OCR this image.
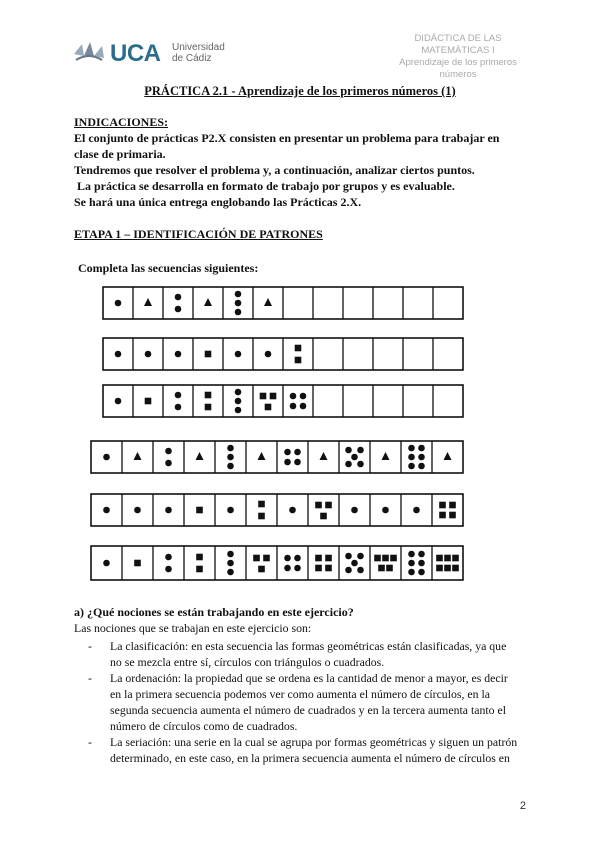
UCA Universidad
de Cádiz
DIDÁCTICA DE LAS MATEMÁTICAS I
Aprendizaje de los primeros
números
PRÁCTICA 2.1 - Aprendizaje de los primeros números (1)
INDICACIONES:
El conjunto de prácticas P2.X consisten en presentar un problema para trabajar en
clase de primaria.
Tendremos que resolver el problema y, a continuación, analizar ciertos puntos.
La práctica se desarrolla en formato de trabajo por grupos y es evaluable.
Se hará una única entrega englobando las Prácticas 2.X.
ETAPA 1 – IDENTIFICACIÓN DE PATRONES
Completa las secuencias siguientes:
a) ¿Qué nociones se están trabajando en este ejercicio?
Las nociones que se trabajan en este ejercicio son:
- La clasificación: en esta secuencia las formas geométricas están clasificadas, ya que
no se mezcla entre sí, círculos con triángulos o cuadrados.
- La ordenación: la propiedad que se ordena es la cantidad de menor a mayor, es decir
en la primera secuencia podemos ver como aumenta el número de círculos, en la
segunda secuencia aumenta el número de cuadrados y en la tercera aumenta tanto el
número de círculos como de cuadrados.
- La seriación: una serie en la cual se agrupa por formas geométricas y siguen un patrón
determinado, en este caso, en la primera secuencia aumenta el número de círculos en
2
